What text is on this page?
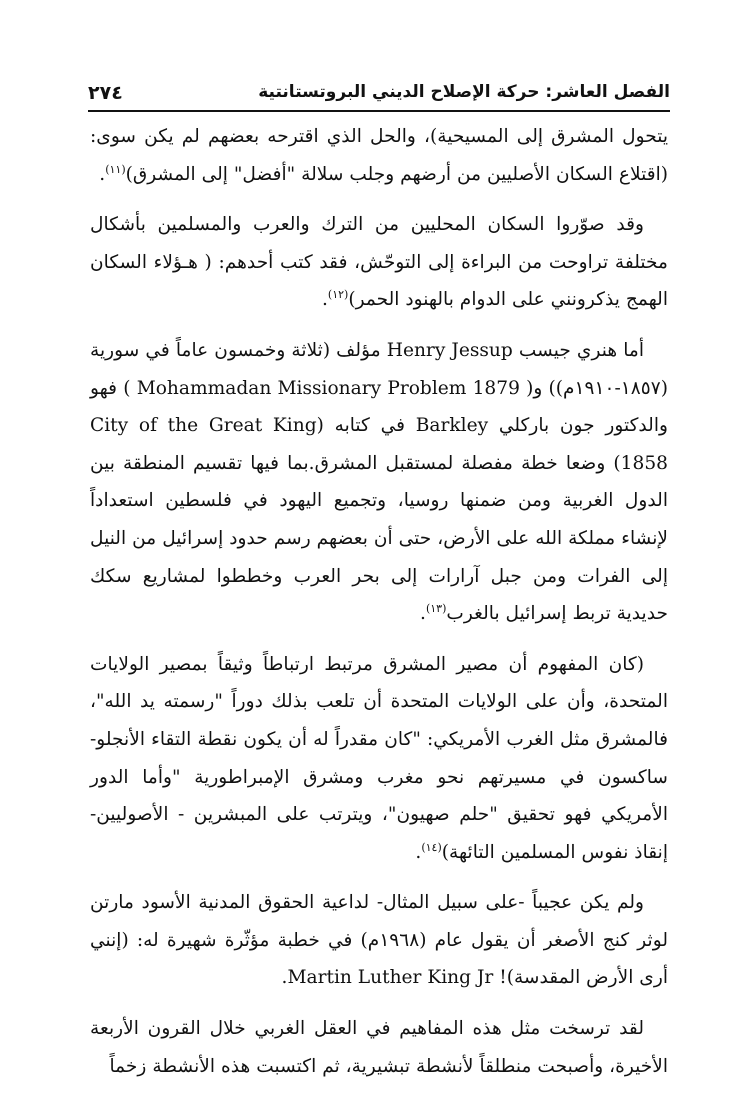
الفصل العاشر: حركة الإصلاح الديني البروتستانتية
٢٧٤

يتحول المشرق إلى المسيحية)، والحل الذي اقترحه بعضهم لم يكن سوى: (اقتلاع السكان الأصليين من أرضهم وجلب سلالة "أفضل" إلى المشرق)$^{(١١)}$.

وقد صوّروا السكان المحليين من الترك والعرب والمسلمين بأشكال مختلفة تراوحت من البراءة إلى التوحّش، فقد كتب أحدهم: ( هـؤلاء السكان الهمج يذكرونني على الدوام بالهنود الحمر)$^{(١٢)}$.

أما هنري جيسب Henry Jessup مؤلف (ثلاثة وخمسون عاماً في سورية (١٨٥٧-١٩١٠م)) و( Mohammadan Missionary Problem 1879 ) فهو والدكتور جون باركلي Barkley في كتابه (City of the Great King 1858) وضعا خطة مفصلة لمستقبل المشرق.بما فيها تقسيم المنطقة بين الدول الغربية ومن ضمنها روسيا، وتجميع اليهود في فلسطين استعداداً لإنشاء مملكة الله على الأرض، حتى أن بعضهم رسم حدود إسرائيل من النيل إلى الفرات ومن جبل آرارات إلى بحر العرب وخططوا لمشاريع سكك حديدية تربط إسرائيل بالغرب$^{(١٣)}$.

(كان المفهوم أن مصير المشرق مرتبط ارتباطاً وثيقاً بمصير الولايات المتحدة، وأن على الولايات المتحدة أن تلعب بذلك دوراً "رسمته يد الله"، فالمشرق مثل الغرب الأمريكي: "كان مقدراً له أن يكون نقطة التقاء الأنجلو-ساكسون في مسيرتهم نحو مغرب ومشرق الإمبراطورية "وأما الدور الأمريكي فهو تحقيق "حلم صهيون"، ويترتب على المبشرين - الأصوليين- إنقاذ نفوس المسلمين التائهة)$^{(١٤)}$.

ولم يكن عجيباً -على سبيل المثال- لداعية الحقوق المدنية الأسود مارتن لوثر كنج الأصغر أن يقول عام (١٩٦٨م) في خطبة مؤثّرة شهيرة له: (إنني أرى الأرض المقدسة)! Martin Luther King Jr.

لقد ترسخت مثل هذه المفاهيم في العقل الغربي خلال القرون الأربعة الأخيرة، وأصبحت منطلقاً لأنشطة تبشيرية، ثم اكتسبت هذه الأنشطة زخماً
